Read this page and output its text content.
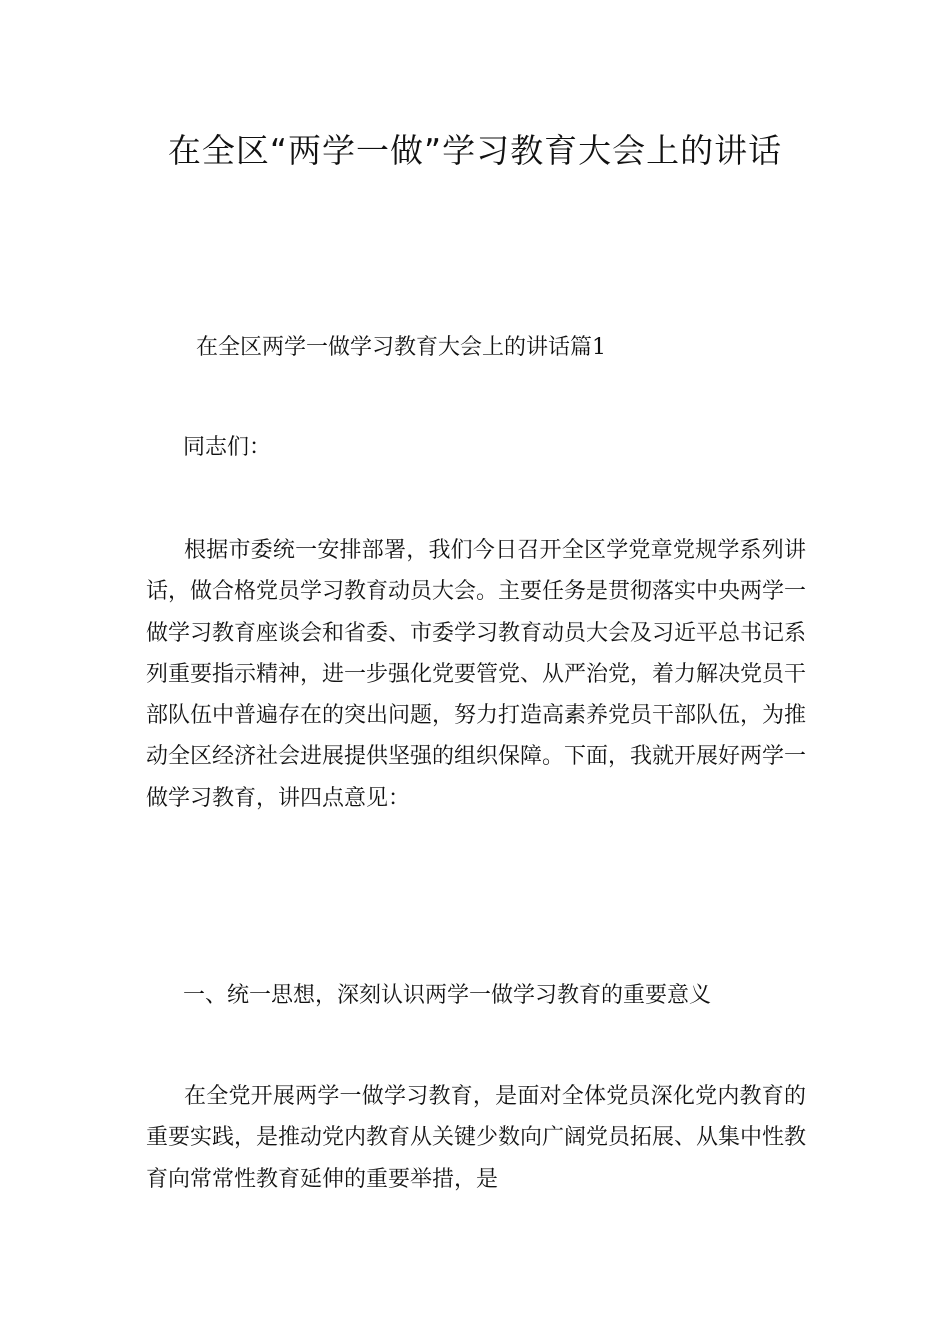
在全区“两学一做”学习教育大会上的讲话
在全区两学一做学习教育大会上的讲话篇1
同志们：

根据市委统一安排部署，我们今日召开全区学党章党规学系列讲话，做合格党员学习教育动员大会。主要任务是贯彻落实中央两学一做学习教育座谈会和省委、市委学习教育动员大会及习近平总书记系列重要指示精神，进一步强化党要管党、从严治党，着力解决党员干部队伍中普遍存在的突出问题，努力打造高素养党员干部队伍，为推动全区经济社会进展提供坚强的组织保障。下面，我就开展好两学一做学习教育，讲四点意见：

一、统一思想，深刻认识两学一做学习教育的重要意义

在全党开展两学一做学习教育，是面对全体党员深化党内教育的重要实践，是推动党内教育从关键少数向广阔党员拓展、从集中性教育向常常性教育延伸的重要举措，是
